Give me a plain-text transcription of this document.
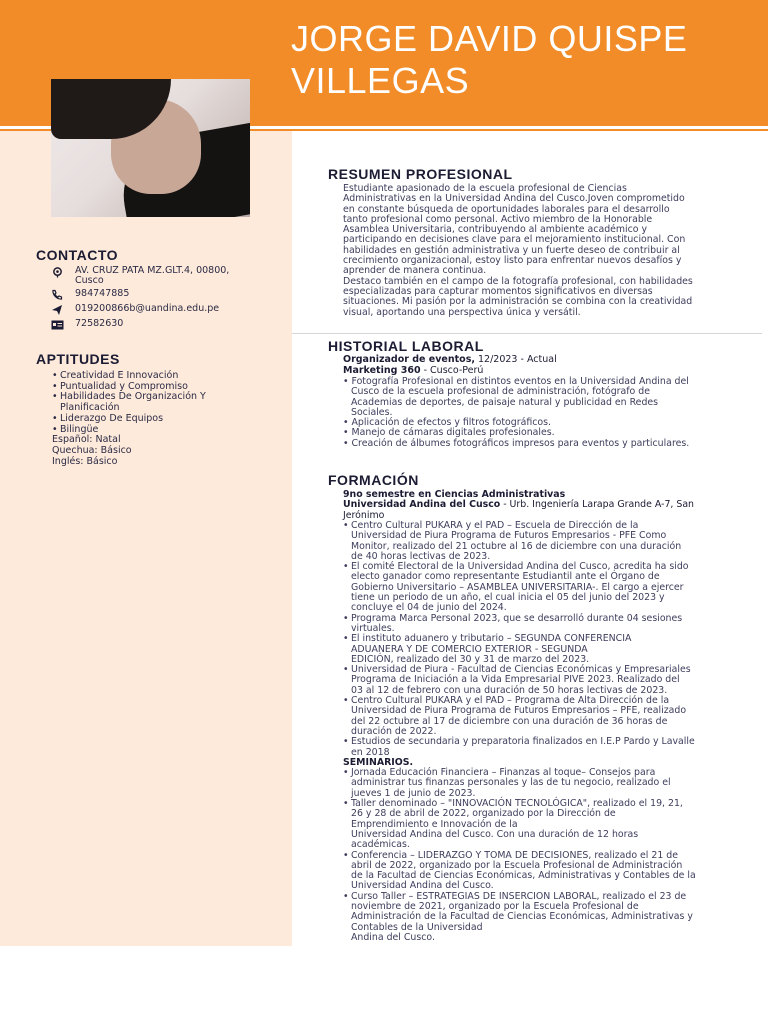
JORGE DAVID QUISPE VILLEGAS
CONTACTO
AV. CRUZ PATA MZ.GLT.4, 00800,
Cusco
984747885
019200866b@uandina.edu.pe
72582630
APTITUDES
• Creatividad E Innovación
• Puntualidad y Compromiso
• Habilidades De Organización Y
Planificación
• Liderazgo De Equipos
• Bilingüe
Español: Natal
Quechua: Básico
Inglés: Básico
RESUMEN PROFESIONAL
Estudiante apasionado de la escuela profesional de Ciencias
Administrativas en la Universidad Andina del Cusco.Joven comprometido
en constante búsqueda de oportunidades laborales para el desarrollo
tanto profesional como personal. Activo miembro de la Honorable
Asamblea Universitaria, contribuyendo al ambiente académico y
participando en decisiones clave para el mejoramiento institucional. Con
habilidades en gestión administrativa y un fuerte deseo de contribuir al
crecimiento organizacional, estoy listo para enfrentar nuevos desafíos y
aprender de manera continua.
Destaco también en el campo de la fotografía profesional, con habilidades
especializadas para capturar momentos significativos en diversas
situaciones. Mi pasión por la administración se combina con la creatividad
visual, aportando una perspectiva única y versátil.
HISTORIAL LABORAL
Organizador de eventos, 12/2023 - Actual
Marketing 360 - Cusco-Perú
• Fotografía Profesional en distintos eventos en la Universidad Andina del
Cusco de la escuela profesional de administración, fotógrafo de
Academias de deportes, de paisaje natural y publicidad en Redes
Sociales.
• Aplicación de efectos y filtros fotográficos.
• Manejo de cámaras digitales profesionales.
• Creación de álbumes fotográficos impresos para eventos y particulares.
FORMACIÓN
9no semestre en Ciencias Administrativas
Universidad Andina del Cusco - Urb. Ingeniería Larapa Grande A-7, San
Jerónimo
• Centro Cultural PUKARA y el PAD – Escuela de Dirección de la
Universidad de Piura Programa de Futuros Empresarios - PFE Como
Monitor, realizado del 21 octubre al 16 de diciembre con una duración
de 40 horas lectivas de 2023.
• El comité Electoral de la Universidad Andina del Cusco, acredita ha sido
electo ganador como representante Estudiantil ante el Órgano de
Gobierno Universitario – ASAMBLEA UNIVERSITARIA-. El cargo a ejercer
tiene un periodo de un año, el cual inicia el 05 del junio del 2023 y
concluye el 04 de junio del 2024.
• Programa Marca Personal 2023, que se desarrolló durante 04 sesiones
virtuales.
• El instituto aduanero y tributario – SEGUNDA CONFERENCIA
ADUANERA Y DE COMERCIO EXTERIOR - SEGUNDA
EDICIÓN, realizado del 30 y 31 de marzo del 2023.
• Universidad de Piura - Facultad de Ciencias Económicas y Empresariales
Programa de Iniciación a la Vida Empresarial PIVE 2023. Realizado del
03 al 12 de febrero con una duración de 50 horas lectivas de 2023.
• Centro Cultural PUKARA y el PAD – Programa de Alta Dirección de la
Universidad de Piura Programa de Futuros Empresarios – PFE, realizado
del 22 octubre al 17 de diciembre con una duración de 36 horas de
duración de 2022.
• Estudios de secundaria y preparatoria finalizados en I.E.P Pardo y Lavalle
en 2018
SEMINARIOS.
• Jornada Educación Financiera – Finanzas al toque– Consejos para
administrar tus finanzas personales y las de tu negocio, realizado el
jueves 1 de junio de 2023.
• Taller denominado – "INNOVACIÓN TECNOLÓGICA", realizado el 19, 21,
26 y 28 de abril de 2022, organizado por la Dirección de
Emprendimiento e Innovación de la
Universidad Andina del Cusco. Con una duración de 12 horas
académicas.
• Conferencia – LIDERAZGO Y TOMA DE DECISIONES, realizado el 21 de
abril de 2022, organizado por la Escuela Profesional de Administración
de la Facultad de Ciencias Económicas, Administrativas y Contables de la
Universidad Andina del Cusco.
• Curso Taller – ESTRATEGIAS DE INSERCION LABORAL, realizado el 23 de
noviembre de 2021, organizado por la Escuela Profesional de
Administración de la Facultad de Ciencias Económicas, Administrativas y
Contables de la Universidad
Andina del Cusco.
